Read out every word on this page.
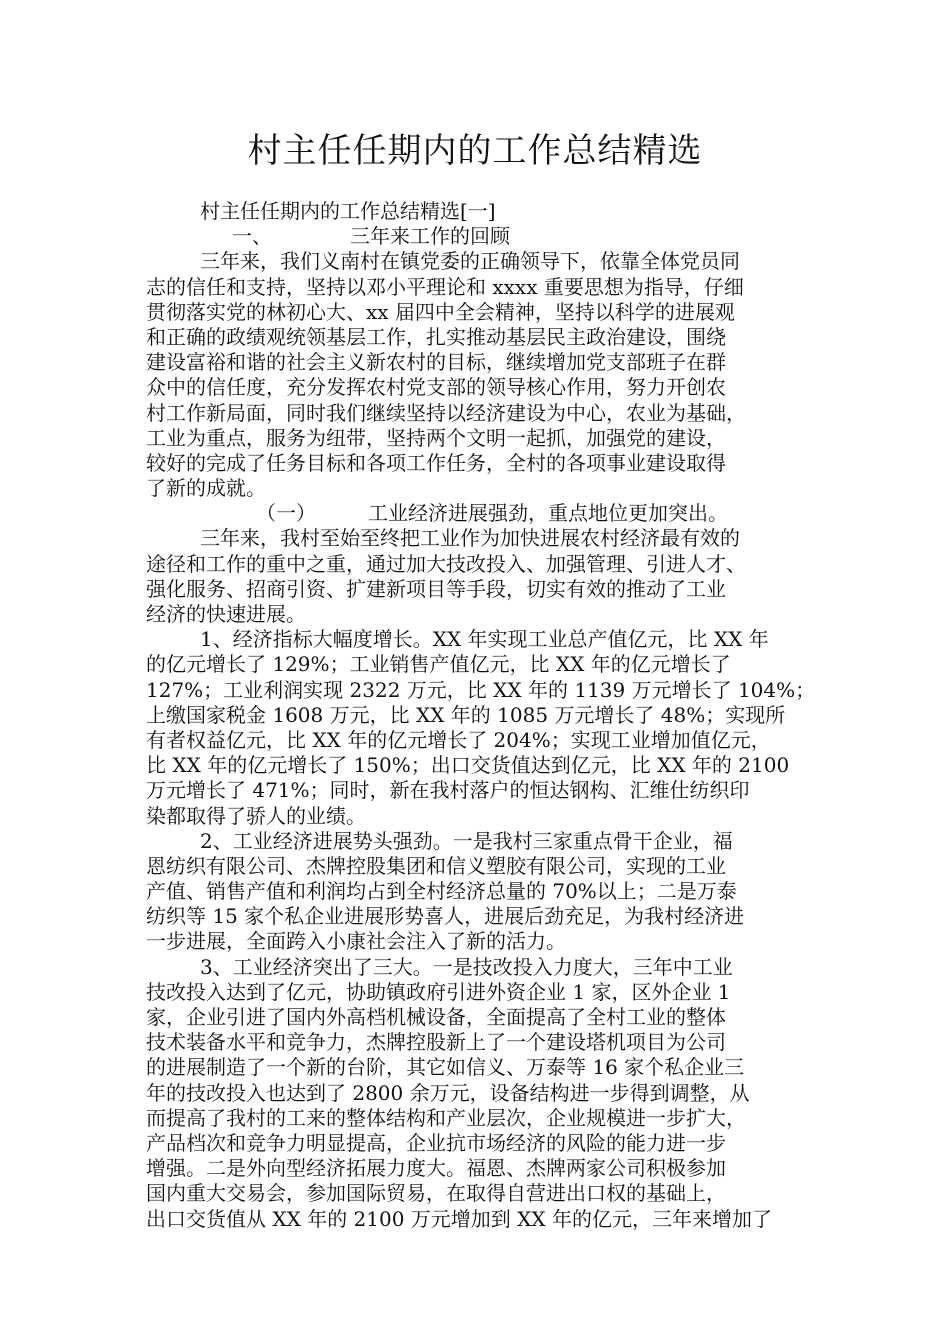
村主任任期内的工作总结精选
村主任任期内的工作总结精选[一]
一、	三年来工作的回顾
三年来，我们义南村在镇党委的正确领导下，依靠全体党员同
志的信任和支持，坚持以邓小平理论和 xxxx 重要思想为指导，仔细
贯彻落实党的林初心大、xx 届四中全会精神，坚持以科学的进展观
和正确的政绩观统领基层工作，扎实推动基层民主政治建设，围绕
建设富裕和谐的社会主义新农村的目标，继续增加党支部班子在群
众中的信任度，充分发挥农村党支部的领导核心作用，努力开创农
村工作新局面，同时我们继续坚持以经济建设为中心，农业为基础，
工业为重点，服务为纽带，坚持两个文明一起抓，加强党的建设，
较好的完成了任务目标和各项工作任务，全村的各项事业建设取得
了新的成就。
（一）	工业经济进展强劲，重点地位更加突出。
三年来，我村至始至终把工业作为加快进展农村经济最有效的
途径和工作的重中之重，通过加大技改投入、加强管理、引进人才、
强化服务、招商引资、扩建新项目等手段，切实有效的推动了工业
经济的快速进展。
1、经济指标大幅度增长。XX 年实现工业总产值亿元，比 XX 年
的亿元增长了 129%；工业销售产值亿元，比 XX 年的亿元增长了
127%；工业利润实现 2322 万元，比 XX 年的 1139 万元增长了 104%；
上缴国家税金 1608 万元，比 XX 年的 1085 万元增长了 48%；实现所
有者权益亿元，比 XX 年的亿元增长了 204%；实现工业增加值亿元，
比 XX 年的亿元增长了 150%；出口交货值达到亿元，比 XX 年的 2100
万元增长了 471%；同时，新在我村落户的恒达钢构、汇维仕纺织印
染都取得了骄人的业绩。
2、工业经济进展势头强劲。一是我村三家重点骨干企业，福
恩纺织有限公司、杰牌控股集团和信义塑胶有限公司，实现的工业
产值、销售产值和利润均占到全村经济总量的 70%以上；二是万泰
纺织等 15 家个私企业进展形势喜人，进展后劲充足，为我村经济进
一步进展，全面跨入小康社会注入了新的活力。
3、工业经济突出了三大。一是技改投入力度大，三年中工业
技改投入达到了亿元，协助镇政府引进外资企业 1 家，区外企业 1
家，企业引进了国内外高档机械设备，全面提高了全村工业的整体
技术装备水平和竞争力，杰牌控股新上了一个建设塔机项目为公司
的进展制造了一个新的台阶，其它如信义、万泰等 16 家个私企业三
年的技改投入也达到了 2800 余万元，设备结构进一步得到调整，从
而提高了我村的工来的整体结构和产业层次，企业规模进一步扩大，
产品档次和竞争力明显提高，企业抗市场经济的风险的能力进一步
增强。二是外向型经济拓展力度大。福恩、杰牌两家公司积极参加
国内重大交易会，参加国际贸易，在取得自营进出口权的基础上，
出口交货值从 XX 年的 2100 万元增加到 XX 年的亿元，三年来增加了
